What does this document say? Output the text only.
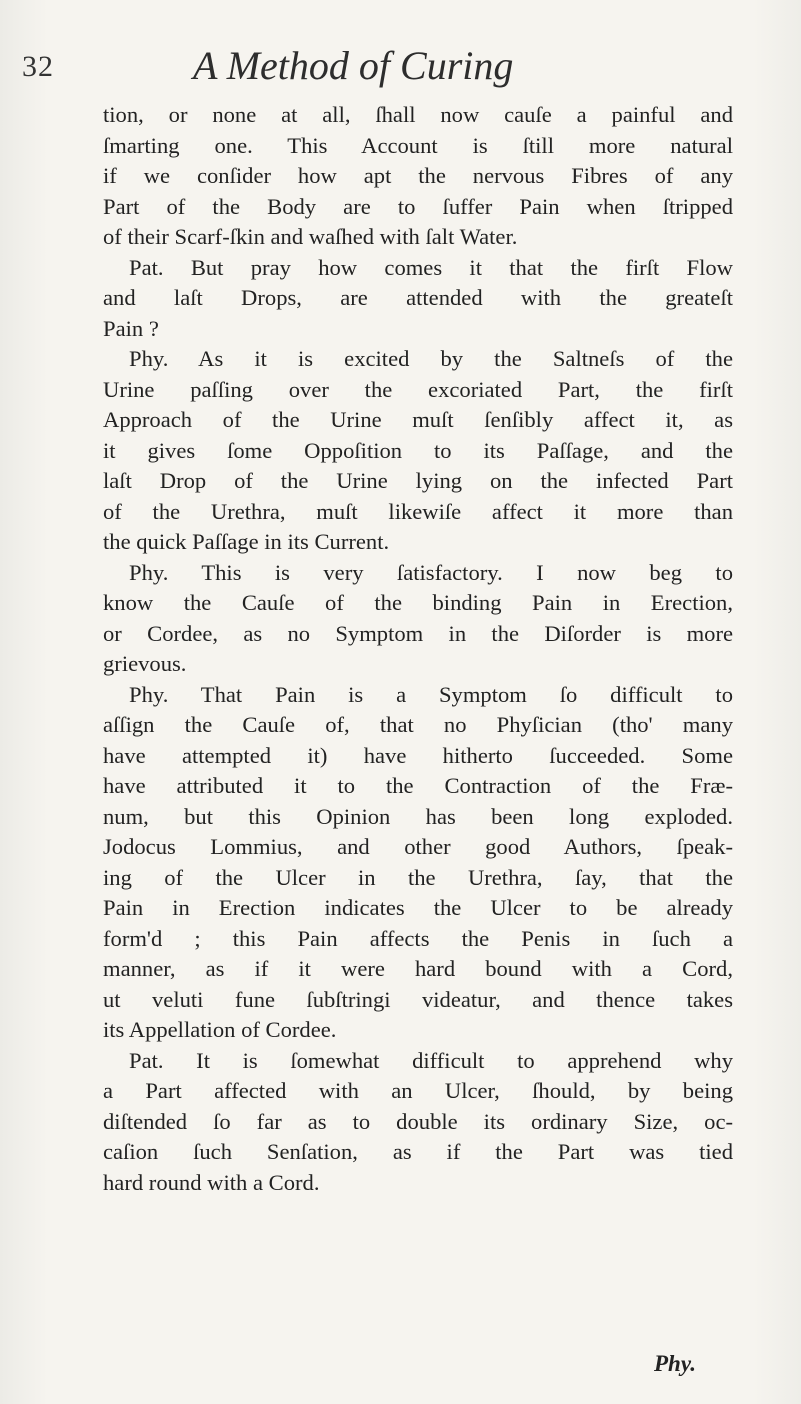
32	A Method of Curing
tion, or none at all, ſhall now cauſe a painful and
ſmarting one. This Account is ſtill more natural
if we conſider how apt the nervous Fibres of any
Part of the Body are to ſuffer Pain when ſtripped
of their Scarf-ſkin and waſhed with ſalt Water.
Pat. But pray how comes it that the firſt Flow
and laſt Drops, are attended with the greateſt
Pain ?
Phy. As it is excited by the Saltneſs of the
Urine paſſing over the excoriated Part, the firſt
Approach of the Urine muſt ſenſibly affect it, as
it gives ſome Oppoſition to its Paſſage, and the
laſt Drop of the Urine lying on the infected Part
of the Urethra, muſt likewiſe affect it more than
the quick Paſſage in its Current.
Phy. This is very ſatisfactory. I now beg to
know the Cauſe of the binding Pain in Erection,
or Cordee, as no Symptom in the Diſorder is more
grievous.
Phy. That Pain is a Symptom ſo difficult to
aſſign the Cauſe of, that no Phyſician (tho' many
have attempted it) have hitherto ſucceeded. Some
have attributed it to the Contraction of the Fræ-
num, but this Opinion has been long exploded.
Jodocus Lommius, and other good Authors, ſpeak-
ing of the Ulcer in the Urethra, ſay, that the
Pain in Erection indicates the Ulcer to be already
form'd ; this Pain affects the Penis in ſuch a
manner, as if it were hard bound with a Cord,
ut veluti fune ſubſtringi videatur, and thence takes
its Appellation of Cordee.
Pat. It is ſomewhat difficult to apprehend why
a Part affected with an Ulcer, ſhould, by being
diſtended ſo far as to double its ordinary Size, oc-
caſion ſuch Senſation, as if the Part was tied
hard round with a Cord.
Phy.
